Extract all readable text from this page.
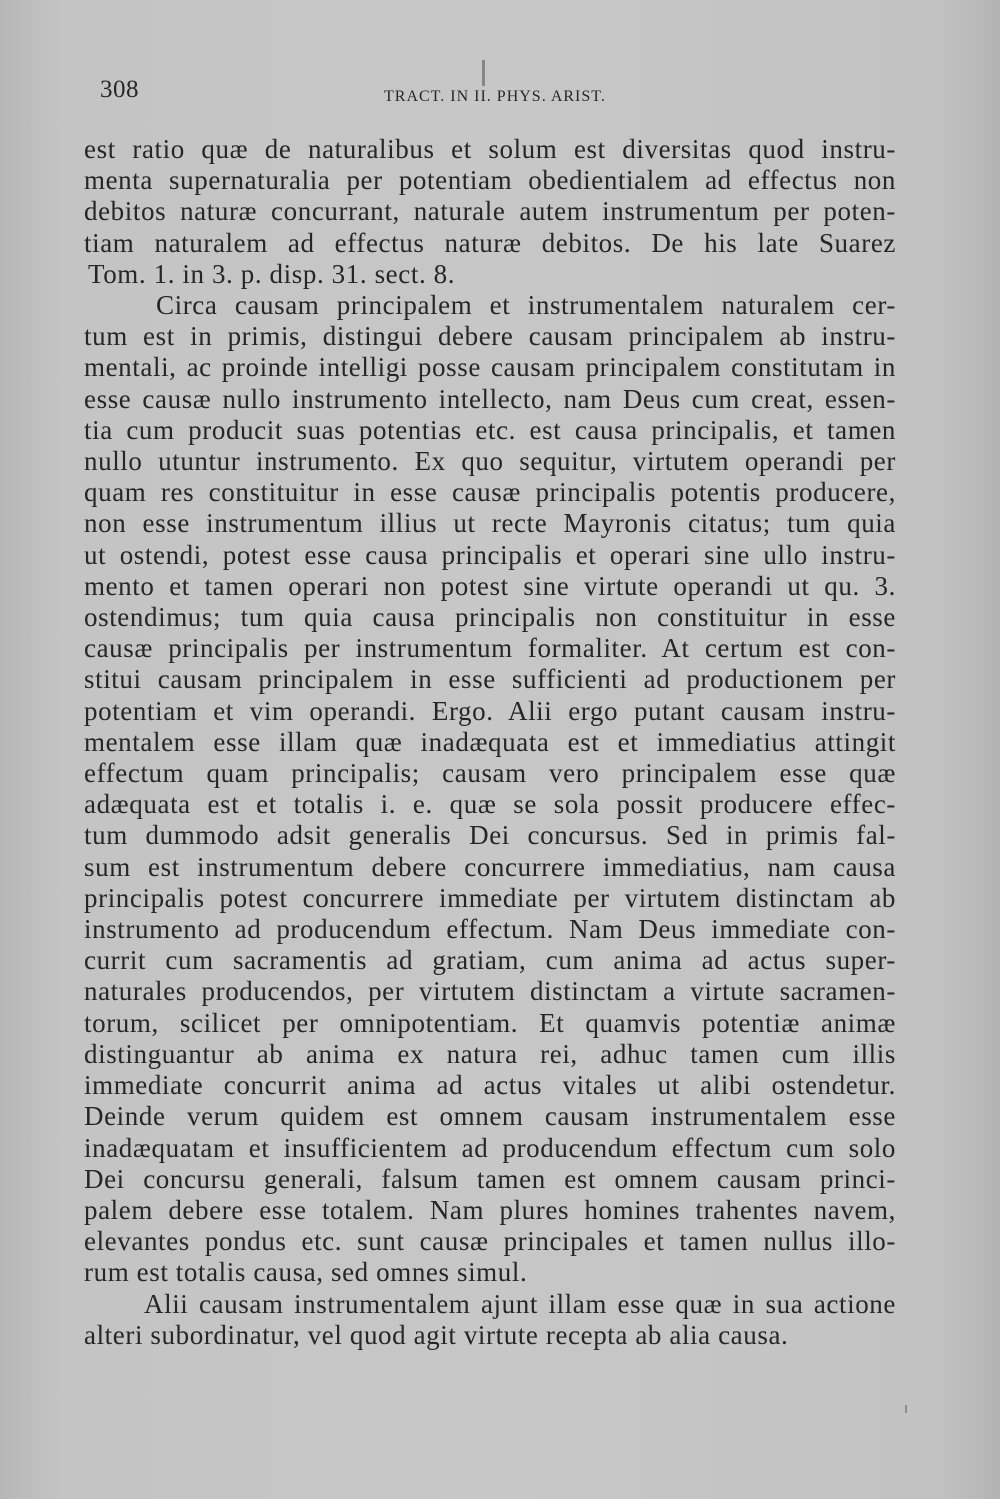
308	TRACT. IN II. PHYS. ARIST.
est ratio quæ de naturalibus et solum est diversitas quod instru-
menta supernaturalia per potentiam obedientialem ad effectus non
debitos naturæ concurrant, naturale autem instrumentum per poten-
tiam naturalem ad effectus naturæ debitos. De his late Suarez
Tom. 1. in 3. p. disp. 31. sect. 8.
Circa causam principalem et instrumentalem naturalem cer-
tum est in primis, distingui debere causam principalem ab instru-
mentali, ac proinde intelligi posse causam principalem constitutam in
esse causæ nullo instrumento intellecto, nam Deus cum creat, essen-
tia cum producit suas potentias etc. est causa principalis, et tamen
nullo utuntur instrumento. Ex quo sequitur, virtutem operandi per
quam res constituitur in esse causæ principalis potentis producere,
non esse instrumentum illius ut recte Mayronis citatus; tum quia
ut ostendi, potest esse causa principalis et operari sine ullo instru-
mento et tamen operari non potest sine virtute operandi ut qu. 3.
ostendimus; tum quia causa principalis non constituitur in esse
causæ principalis per instrumentum formaliter. At certum est con-
stitui causam principalem in esse sufficienti ad productionem per
potentiam et vim operandi. Ergo. Alii ergo putant causam instru-
mentalem esse illam quæ inadæquata est et immediatius attingit
effectum quam principalis; causam vero principalem esse quæ
adæquata est et totalis i. e. quæ se sola possit producere effec-
tum dummodo adsit generalis Dei concursus. Sed in primis fal-
sum est instrumentum debere concurrere immediatius, nam causa
principalis potest concurrere immediate per virtutem distinctam ab
instrumento ad producendum effectum. Nam Deus immediate con-
currit cum sacramentis ad gratiam, cum anima ad actus super-
naturales producendos, per virtutem distinctam a virtute sacramen-
torum, scilicet per omnipotentiam. Et quamvis potentiæ animæ
distinguantur ab anima ex natura rei, adhuc tamen cum illis
immediate concurrit anima ad actus vitales ut alibi ostendetur.
Deinde verum quidem est omnem causam instrumentalem esse
inadæquatam et insufficientem ad producendum effectum cum solo
Dei concursu generali, falsum tamen est omnem causam princi-
palem debere esse totalem. Nam plures homines trahentes navem,
elevantes pondus etc. sunt causæ principales et tamen nullus illo-
rum est totalis causa, sed omnes simul.
Alii causam instrumentalem ajunt illam esse quæ in sua actione
alteri subordinatur, vel quod agit virtute recepta ab alia causa.
